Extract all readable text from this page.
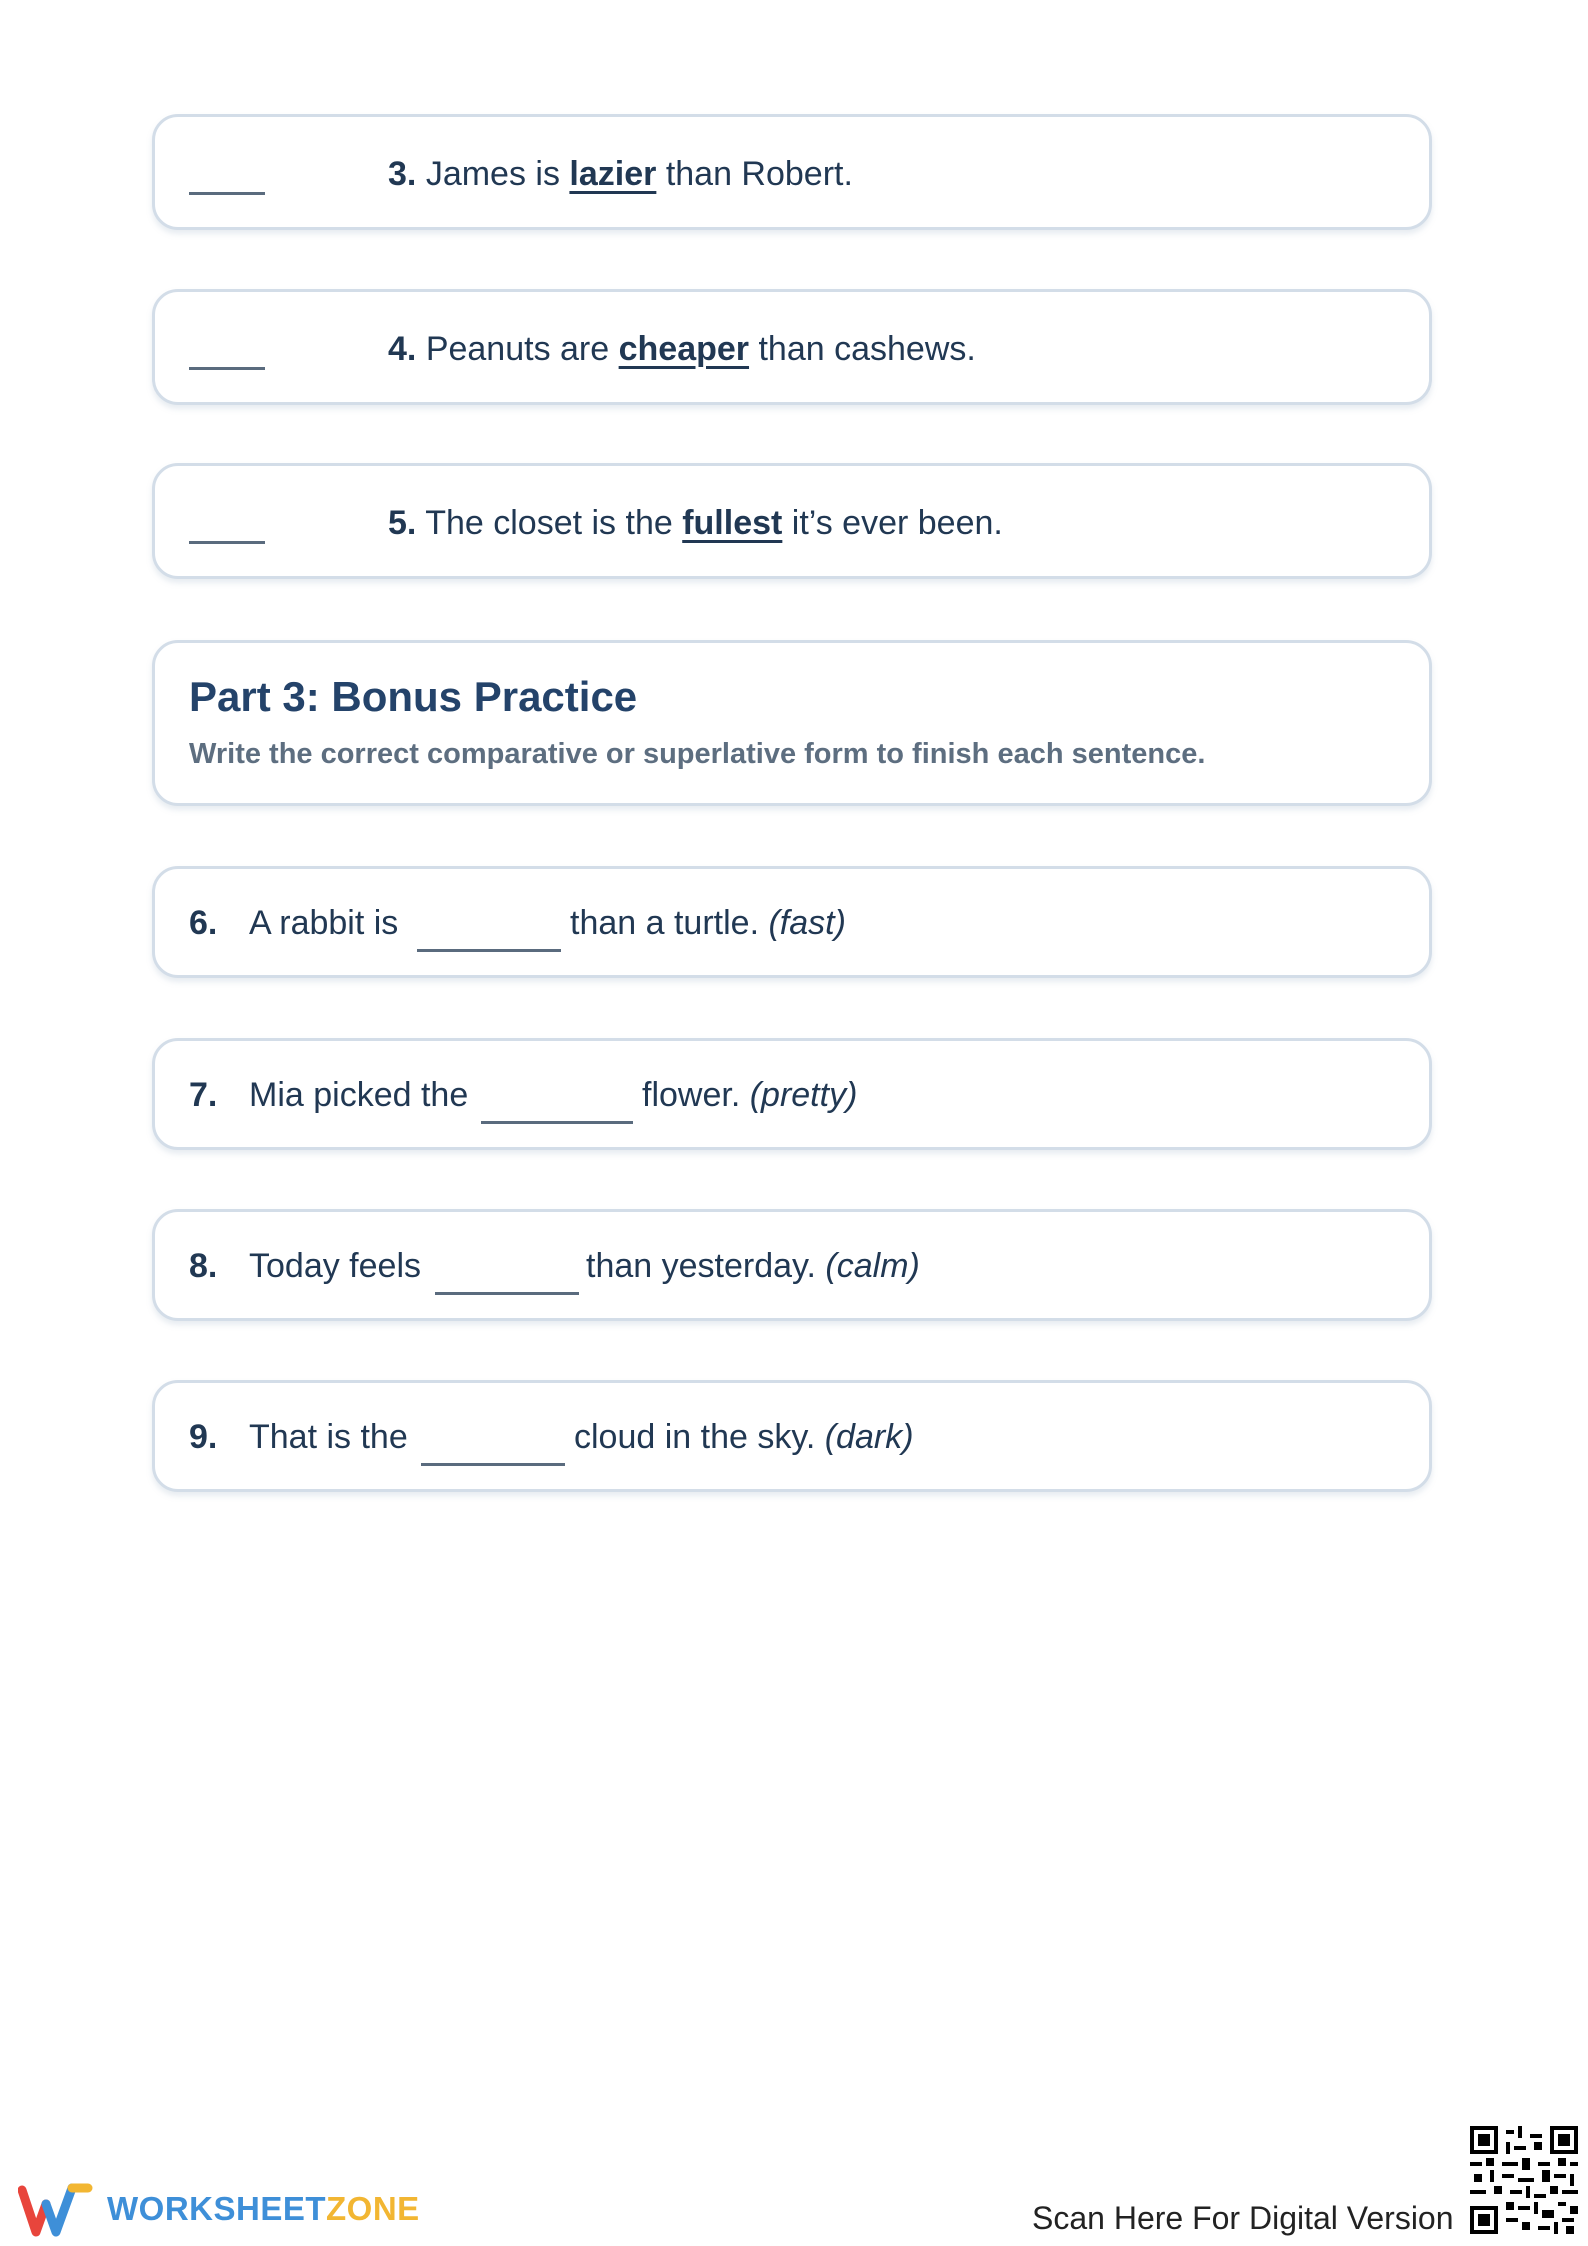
3. James is lazier than Robert.
4. Peanuts are cheaper than cashews.
5. The closet is the fullest it’s ever been.
Part 3: Bonus Practice
Write the correct comparative or superlative form to finish each sentence.
6. A rabbit is	than a turtle. (fast)
7. Mia picked the	flower. (pretty)
8. Today feels	than yesterday. (calm)
9. That is the	cloud in the sky. (dark)
WORKSHEETZONE	Scan Here For Digital Version
